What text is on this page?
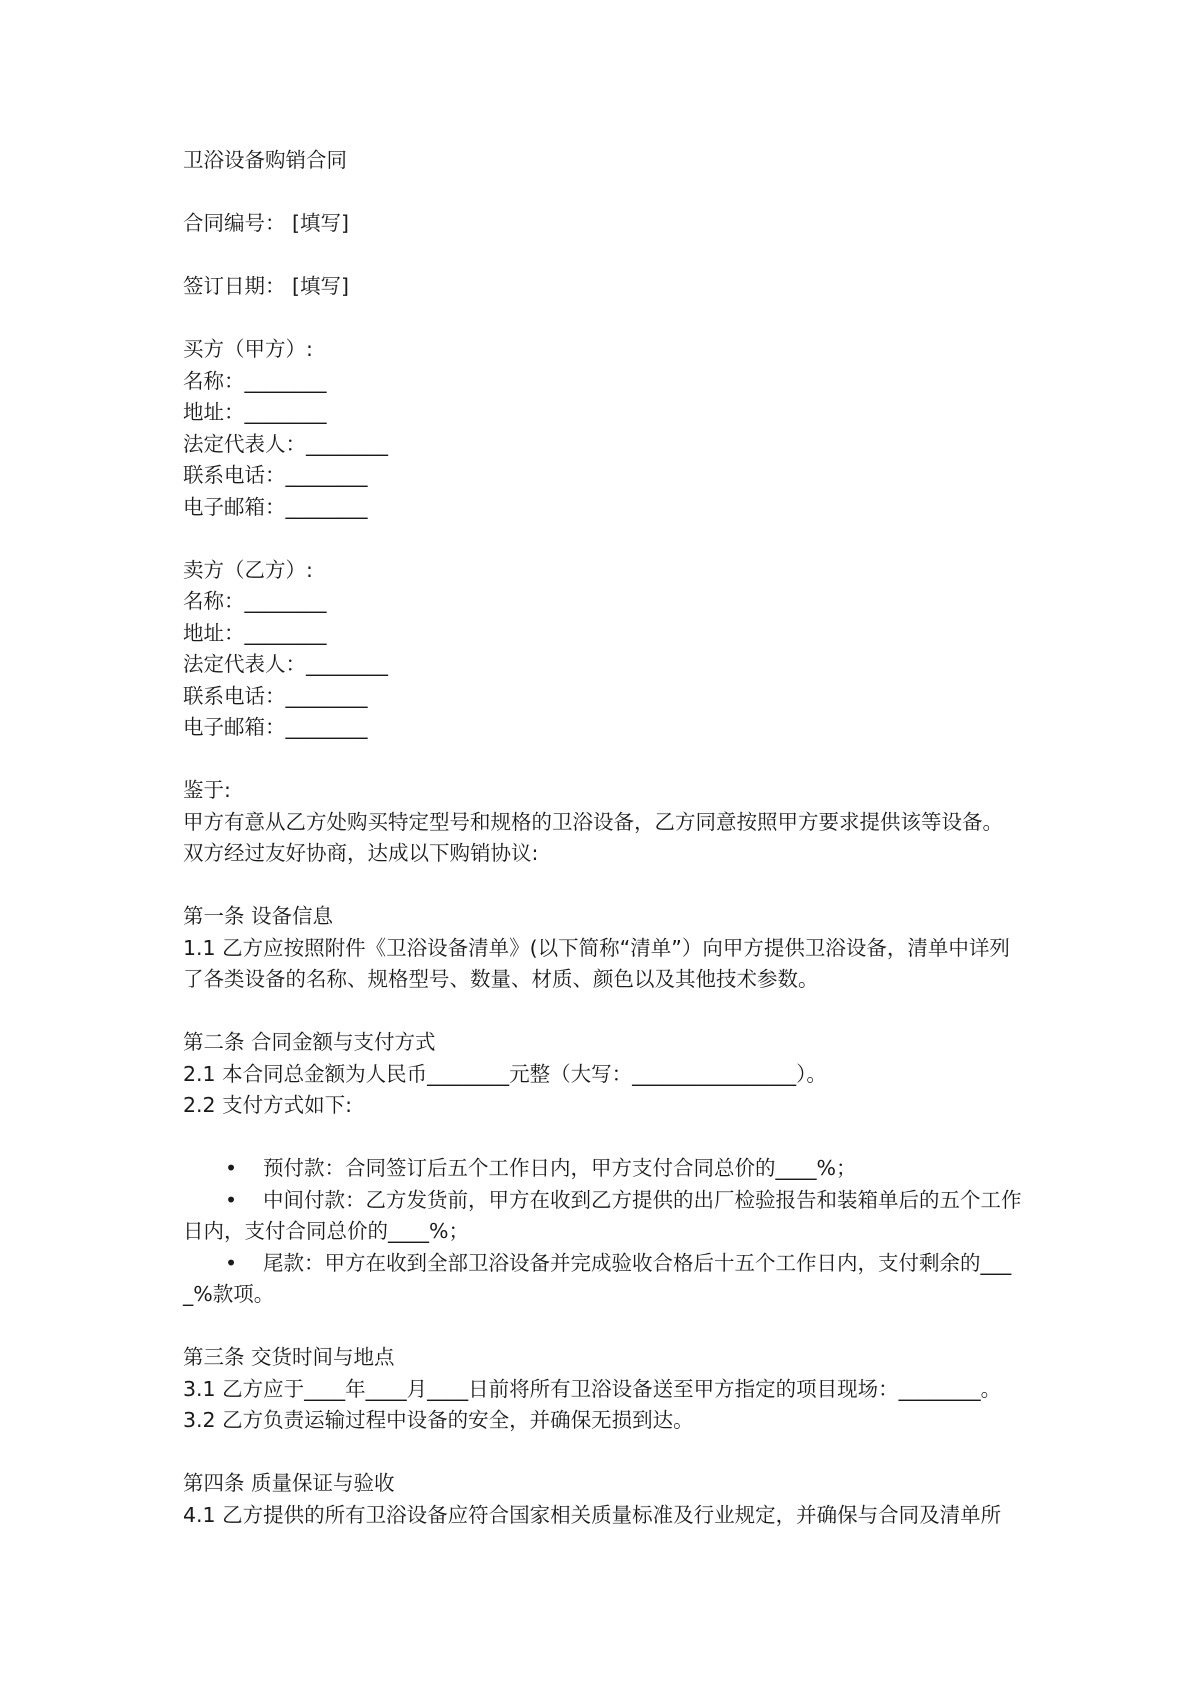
卫浴设备购销合同

合同编号： [填写]

签订日期： [填写]

买方（甲方）:

名称：________

地址：________

法定代表人：________

联系电话：________

电子邮箱：________

卖方（乙方）:

名称：________

地址：________

法定代表人：________

联系电话：________

电子邮箱：________

鉴于:

甲方有意从乙方处购买特定型号和规格的卫浴设备，乙方同意按照甲方要求提供该等设备。双方经过友好协商，达成以下购销协议:

第一条 设备信息

1.1 乙方应按照附件《卫浴设备清单》(以下简称“清单”）向甲方提供卫浴设备，清单中详列了各类设备的名称、规格型号、数量、材质、颜色以及其他技术参数。

第二条 合同金额与支付方式

2.1 本合同总金额为人民币________元整（大写：________________）。

2.2 支付方式如下:

• 预付款：合同签订后五个工作日内，甲方支付合同总价的____%；

• 中间付款：乙方发货前，甲方在收到乙方提供的出厂检验报告和装箱单后的五个工作日内，支付合同总价的____%；

• 尾款：甲方在收到全部卫浴设备并完成验收合格后十五个工作日内，支付剩余的____%款项。

第三条 交货时间与地点

3.1 乙方应于____年____月____日前将所有卫浴设备送至甲方指定的项目现场：________。

3.2 乙方负责运输过程中设备的安全，并确保无损到达。

第四条 质量保证与验收

4.1 乙方提供的所有卫浴设备应符合国家相关质量标准及行业规定，并确保与合同及清单所
